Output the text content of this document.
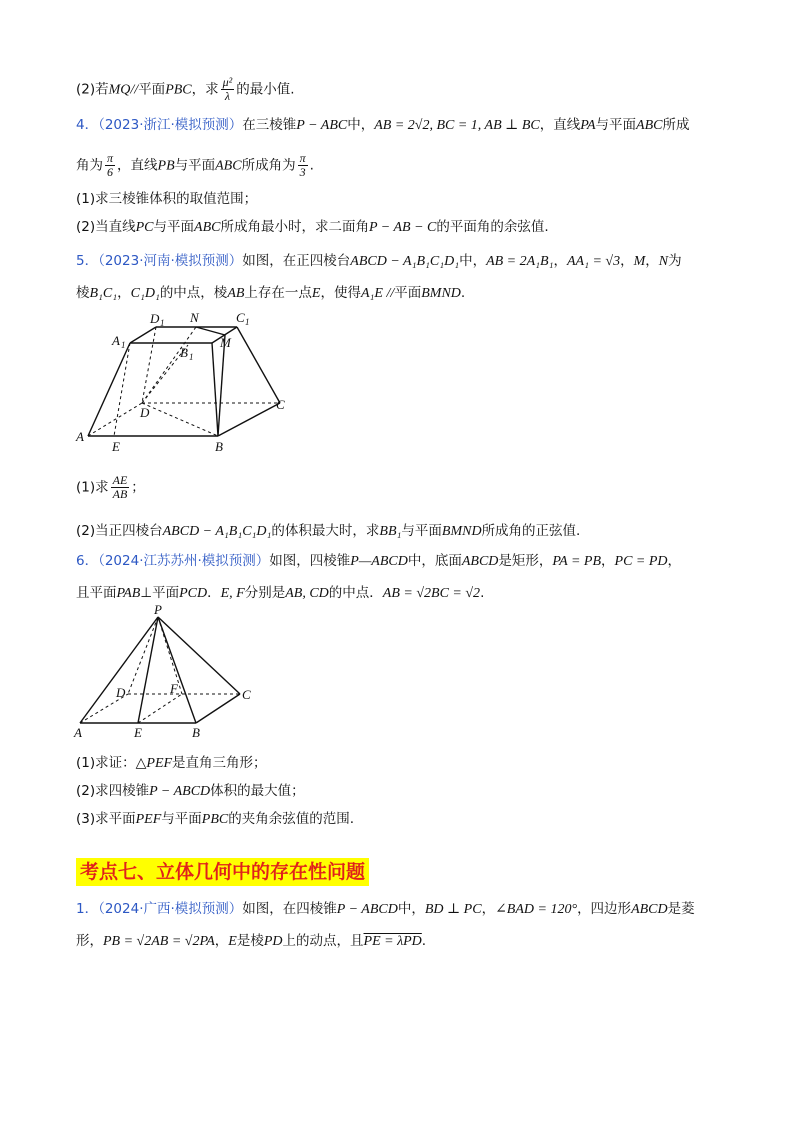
(2)若MQ//平面PBC，求 $\frac{\text{μ²}}{\lambda}$ 的最小值.
4．（2023·浙江·模拟预测）在三棱锥P − ABC中，AB = 2√2, BC = 1, AB ⊥ BC，直线PA与平面ABC所成
角为 $\frac{\pi}{6}$ ，直线PB与平面ABC所成角为 $\frac{\pi}{3}$ .
(1)求三棱锥体积的取值范围；
(2)当直线PC与平面ABC所成角最小时，求二面角P − AB − C的平面角的余弦值.
5．（2023·河南·模拟预测）如图，在正四棱台ABCD − A₁B₁C₁D₁中，AB = 2A₁B₁，AA₁ = √3，M，N为
棱B₁C₁，C₁D₁的中点，棱AB上存在一点E，使得A₁E //平面BMND.
D 1 N	C 1
A 1	B 1
M
D
C
A
E	B
(1)求 $\frac{AE}{AB}$ ；
(2)当正四棱台ABCD − A₁B₁C₁D₁的体积最大时，求BB₁与平面BMND所成角的正弦值.
6．（2024·江苏苏州·模拟预测）如图，四棱锥P—ABCD中，底面ABCD是矩形，PA = PB，PC = PD，
且平面PAB⊥平面PCD．E, F分别是AB, CD的中点．AB = √2BC = √2.
P
D	F	C
A	E	B
(1)求证：△PEF是直角三角形；
(2)求四棱锥P − ABCD体积的最大值；
(3)求平面PEF与平面PBC的夹角余弦值的范围.
考点七、立体几何中的存在性问题
1．（2024·广西·模拟预测）如图，在四棱锥P − ABCD中，BD ⊥ PC，∠BAD = 120°，四边形ABCD是菱
形，PB = √2AB = √2PA，E是棱PD上的动点，且PE = λPD.
